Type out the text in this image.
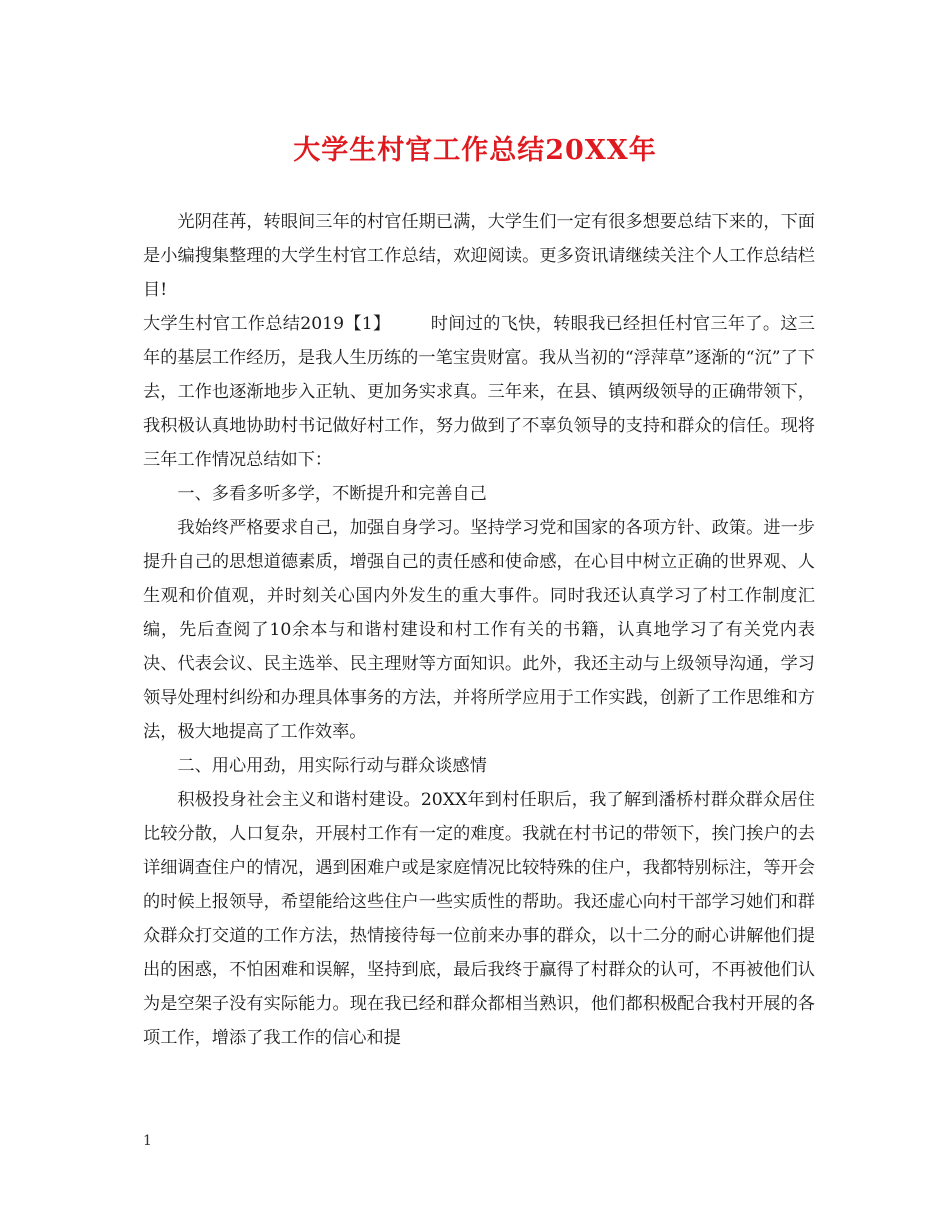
大学生村官工作总结20XX年

光阴荏苒，转眼间三年的村官任期已满，大学生们一定有很多想要总结下来的，下面是小编搜集整理的大学生村官工作总结，欢迎阅读。更多资讯请继续关注个人工作总结栏目!

大学生村官工作总结2019【1】 时间过的飞快，转眼我已经担任村官三年了。这三年的基层工作经历，是我人生历练的一笔宝贵财富。我从当初的“浮萍草”逐渐的“沉”了下去，工作也逐渐地步入正轨、更加务实求真。三年来，在县、镇两级领导的正确带领下，我积极认真地协助村书记做好村工作，努力做到了不辜负领导的支持和群众的信任。现将三年工作情况总结如下：

一、多看多听多学，不断提升和完善自己

我始终严格要求自己，加强自身学习。坚持学习党和国家的各项方针、政策。进一步提升自己的思想道德素质，增强自己的责任感和使命感，在心目中树立正确的世界观、人生观和价值观，并时刻关心国内外发生的重大事件。同时我还认真学习了村工作制度汇编，先后查阅了10余本与和谐村建设和村工作有关的书籍，认真地学习了有关党内表决、代表会议、民主选举、民主理财等方面知识。此外，我还主动与上级领导沟通，学习领导处理村纠纷和办理具体事务的方法，并将所学应用于工作实践，创新了工作思维和方法，极大地提高了工作效率。

二、用心用劲，用实际行动与群众谈感情

积极投身社会主义和谐村建设。20XX年到村任职后，我了解到潘桥村群众群众居住比较分散，人口复杂，开展村工作有一定的难度。我就在村书记的带领下，挨门挨户的去详细调查住户的情况，遇到困难户或是家庭情况比较特殊的住户，我都特别标注，等开会的时候上报领导，希望能给这些住户一些实质性的帮助。我还虚心向村干部学习她们和群众群众打交道的工作方法，热情接待每一位前来办事的群众，以十二分的耐心讲解他们提出的困惑，不怕困难和误解，坚持到底，最后我终于赢得了村群众的认可，不再被他们认为是空架子没有实际能力。现在我已经和群众都相当熟识，他们都积极配合我村开展的各项工作，增添了我工作的信心和提

1
